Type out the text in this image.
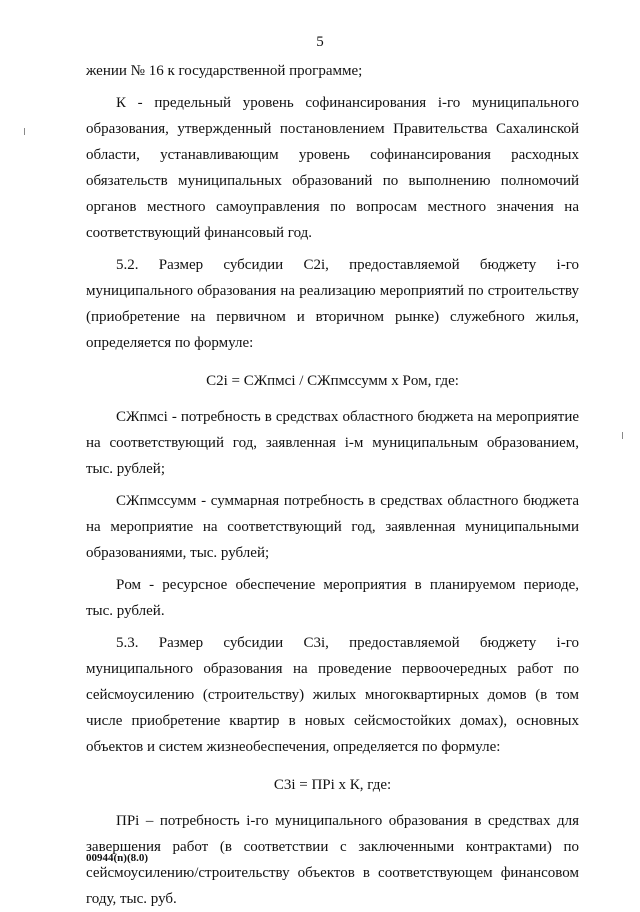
5

жении № 16 к государственной программе;

К - предельный уровень софинансирования i-го муниципального образования, утвержденный постановлением Правительства Сахалинской области, устанавливающим уровень софинансирования расходных обязательств муниципальных образований по выполнению полномочий органов местного самоуправления по вопросам местного значения на соответствующий финансовый год.

5.2. Размер субсидии С2i, предоставляемой бюджету i-го муниципального образования на реализацию мероприятий по строительству (приобретение на первичном и вторичном рынке) служебного жилья, определяется по формуле:

C2i = СЖпмсi / СЖпмссумм х Pом, где:

СЖпмсi - потребность в средствах областного бюджета на мероприятие на соответствующий год, заявленная i-м муниципальным образованием, тыс. рублей;

СЖпмссумм - суммарная потребность в средствах областного бюджета на мероприятие на соответствующий год, заявленная муниципальными образованиями, тыс. рублей;

Pом - ресурсное обеспечение мероприятия в планируемом периоде, тыс. рублей.

5.3. Размер субсидии С3i, предоставляемой бюджету i-го муниципального образования на проведение первоочередных работ по сейсмоусилению (строительству) жилых многоквартирных домов (в том числе приобретение квартир в новых сейсмостойких домах), основных объектов и систем жизнеобеспечения, определяется по формуле:

С3i = ПPi х К, где:

ПPi – потребность i-го муниципального образования в средствах для завершения работ (в соответствии с заключенными контрактами) по сейсмоусилению/строительству объектов в соответствующем финансовом году, тыс. руб.

00944(n)(8.0)
